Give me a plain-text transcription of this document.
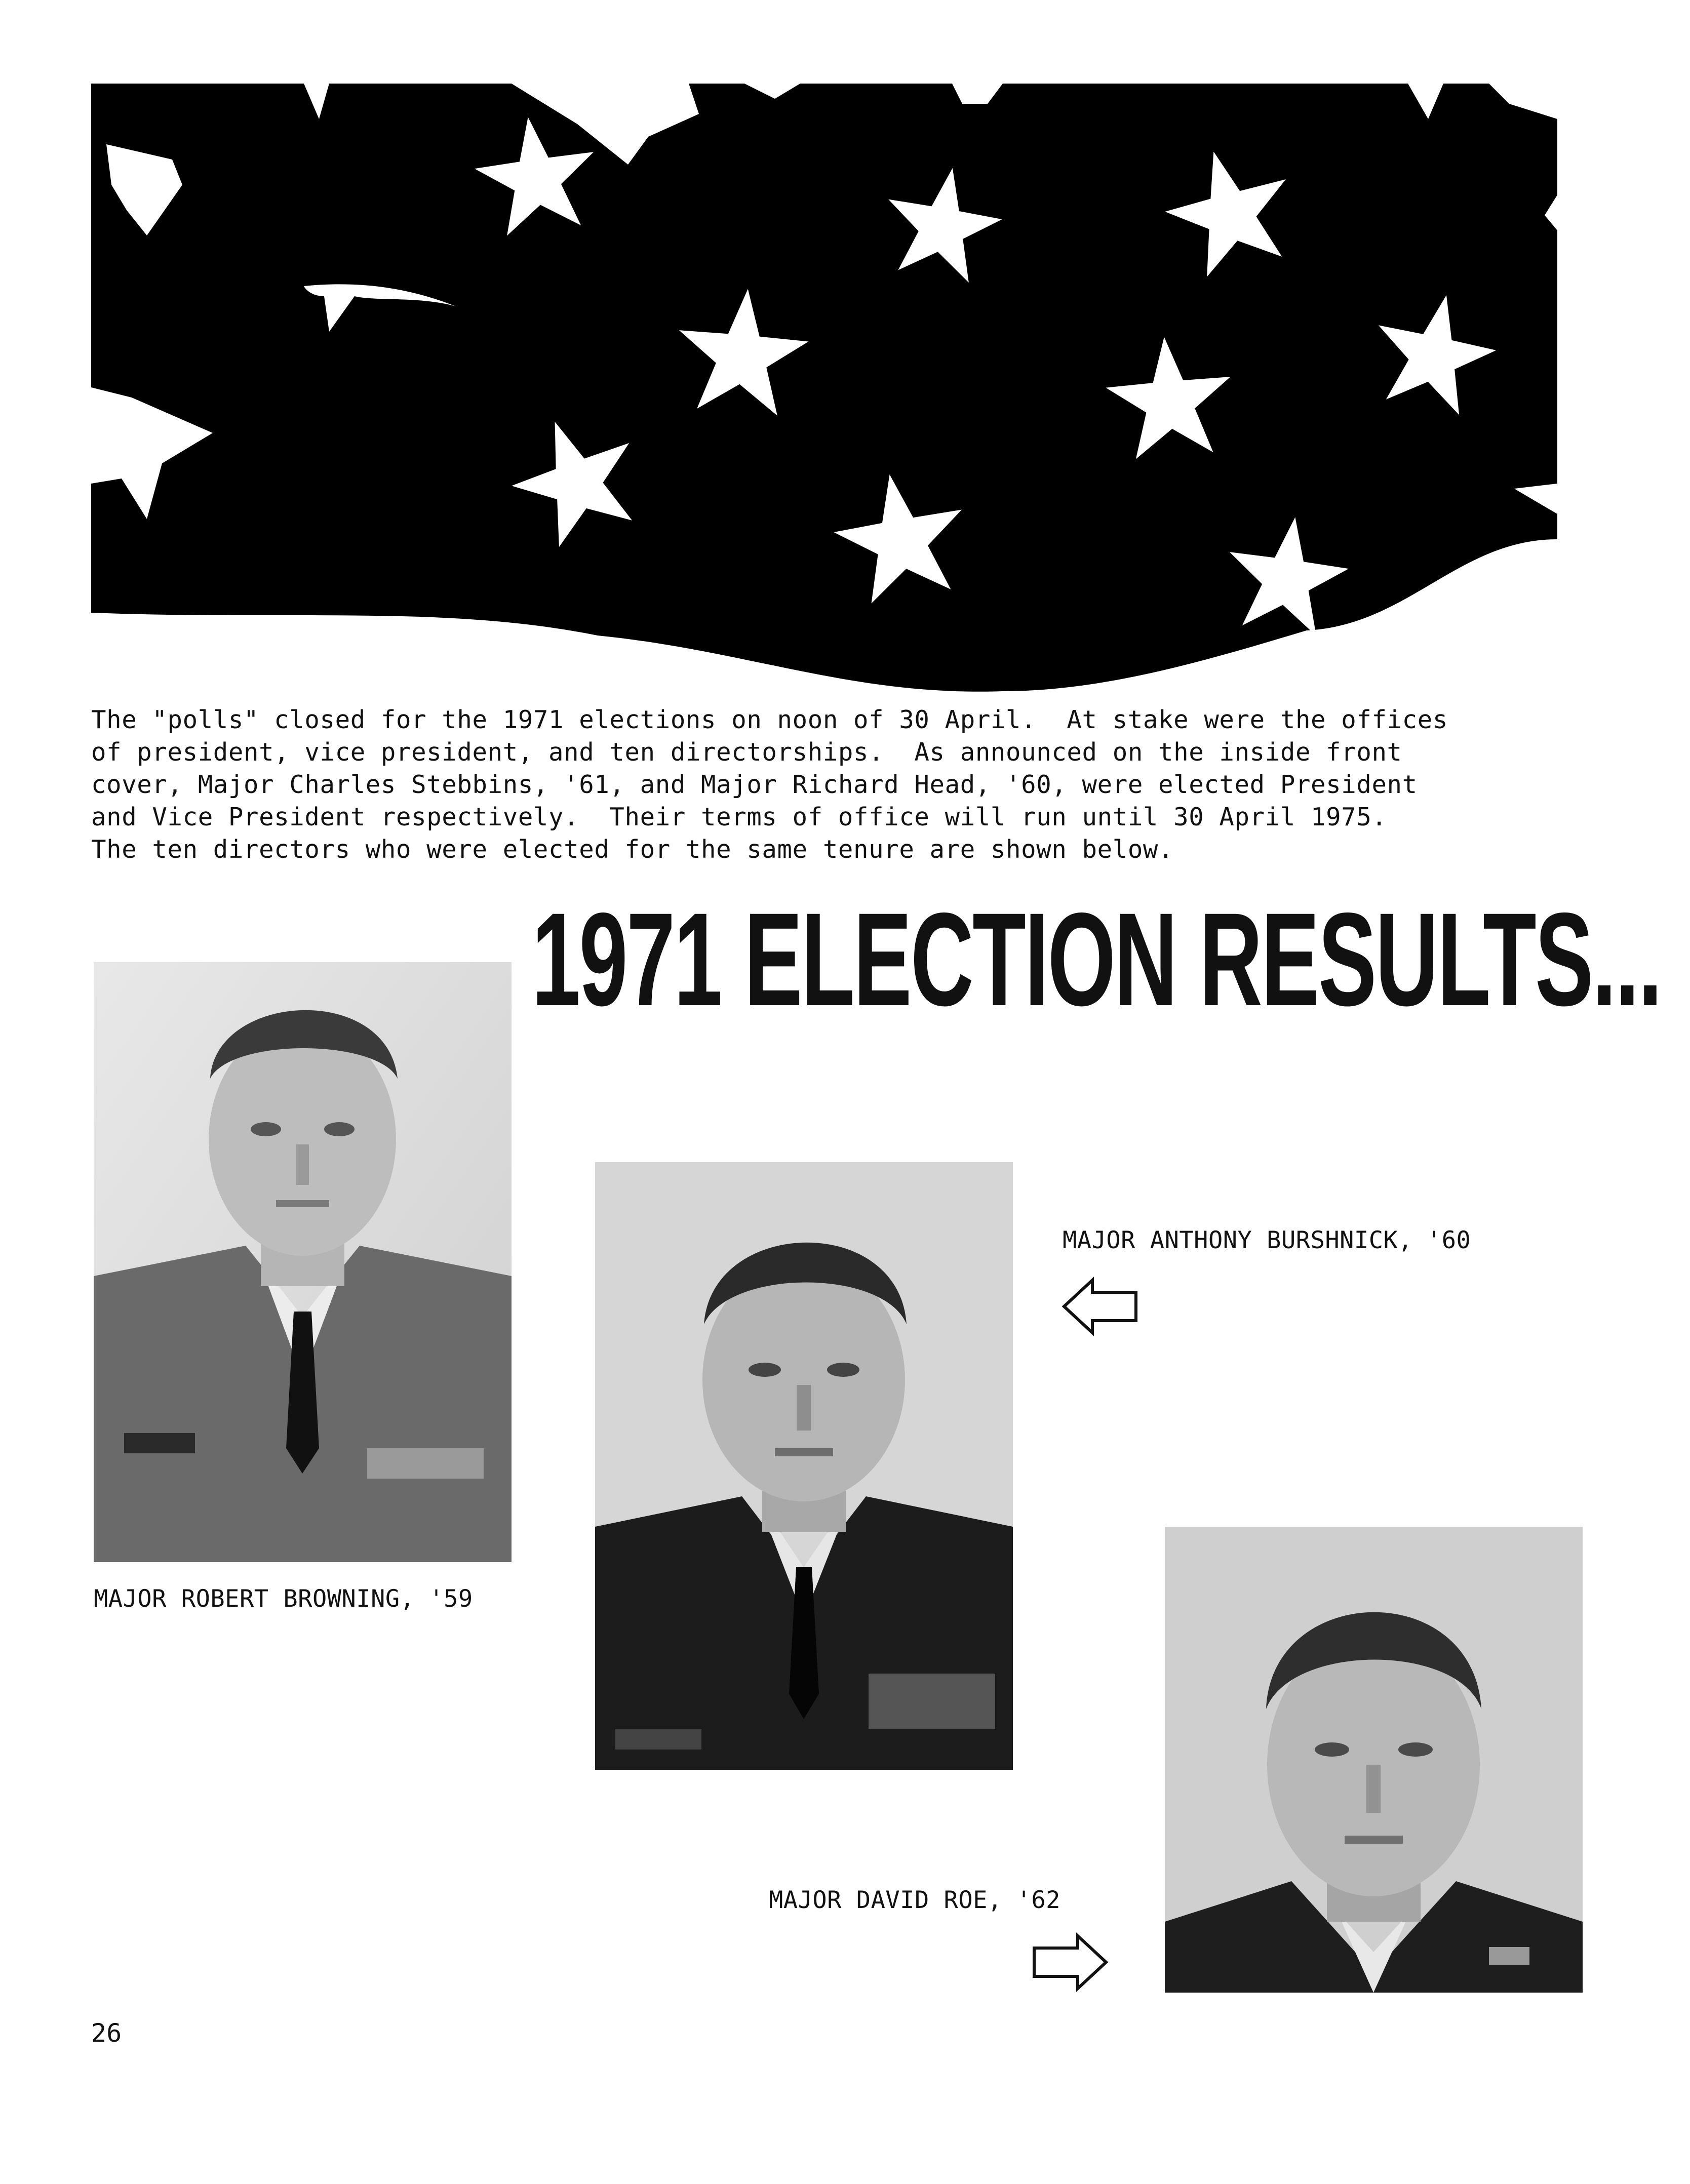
The "polls" closed for the 1971 elections on noon of 30 April.  At stake were the offices
of president, vice president, and ten directorships.  As announced on the inside front
cover, Major Charles Stebbins, '61, and Major Richard Head, '60, were elected President
and Vice President respectively.  Their terms of office will run until 30 April 1975.
The ten directors who were elected for the same tenure are shown below.
1971 ELECTION RESULTS...
MAJOR ROBERT BROWNING, '59
MAJOR ANTHONY BURSHNICK, '60
MAJOR DAVID ROE, '62
26
